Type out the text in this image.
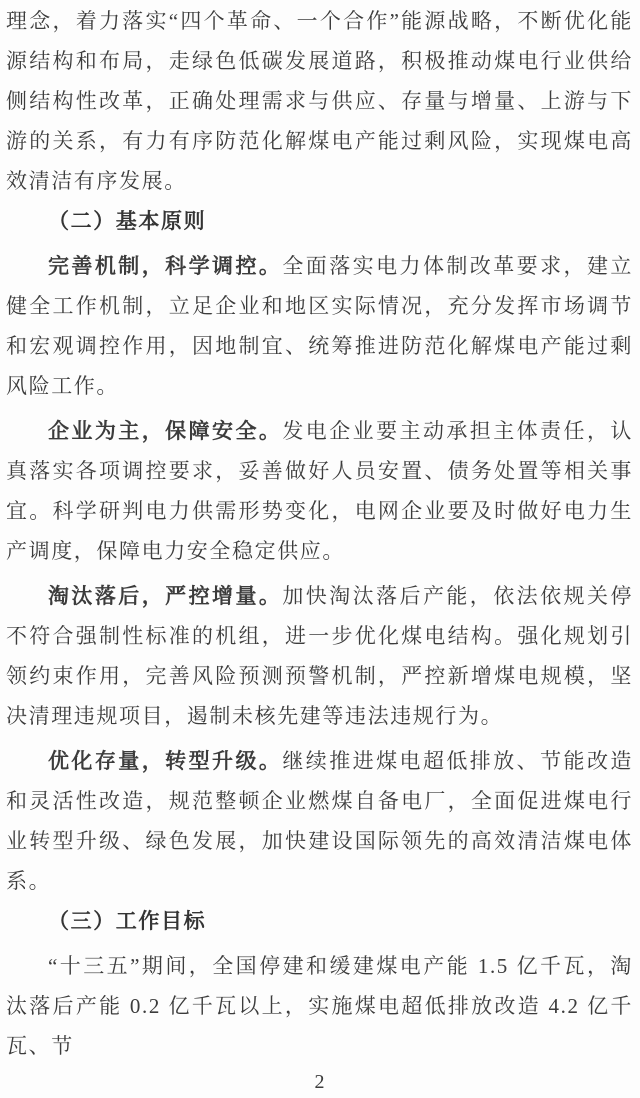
理念，着力落实“四个革命、一个合作”能源战略，不断优化能源结构和布局，走绿色低碳发展道路，积极推动煤电行业供给侧结构性改革，正确处理需求与供应、存量与增量、上游与下游的关系，有力有序防范化解煤电产能过剩风险，实现煤电高效清洁有序发展。

（二）基本原则

完善机制，科学调控。全面落实电力体制改革要求，建立健全工作机制，立足企业和地区实际情况，充分发挥市场调节和宏观调控作用，因地制宜、统筹推进防范化解煤电产能过剩风险工作。

企业为主，保障安全。发电企业要主动承担主体责任，认真落实各项调控要求，妥善做好人员安置、债务处置等相关事宜。科学研判电力供需形势变化，电网企业要及时做好电力生产调度，保障电力安全稳定供应。

淘汰落后，严控增量。加快淘汰落后产能，依法依规关停不符合强制性标准的机组，进一步优化煤电结构。强化规划引领约束作用，完善风险预测预警机制，严控新增煤电规模，坚决清理违规项目，遏制未核先建等违法违规行为。

优化存量，转型升级。继续推进煤电超低排放、节能改造和灵活性改造，规范整顿企业燃煤自备电厂，全面促进煤电行业转型升级、绿色发展，加快建设国际领先的高效清洁煤电体系。

（三）工作目标

“十三五”期间，全国停建和缓建煤电产能 1.5 亿千瓦，淘汰落后产能 0.2 亿千瓦以上，实施煤电超低排放改造 4.2 亿千瓦、节

2
